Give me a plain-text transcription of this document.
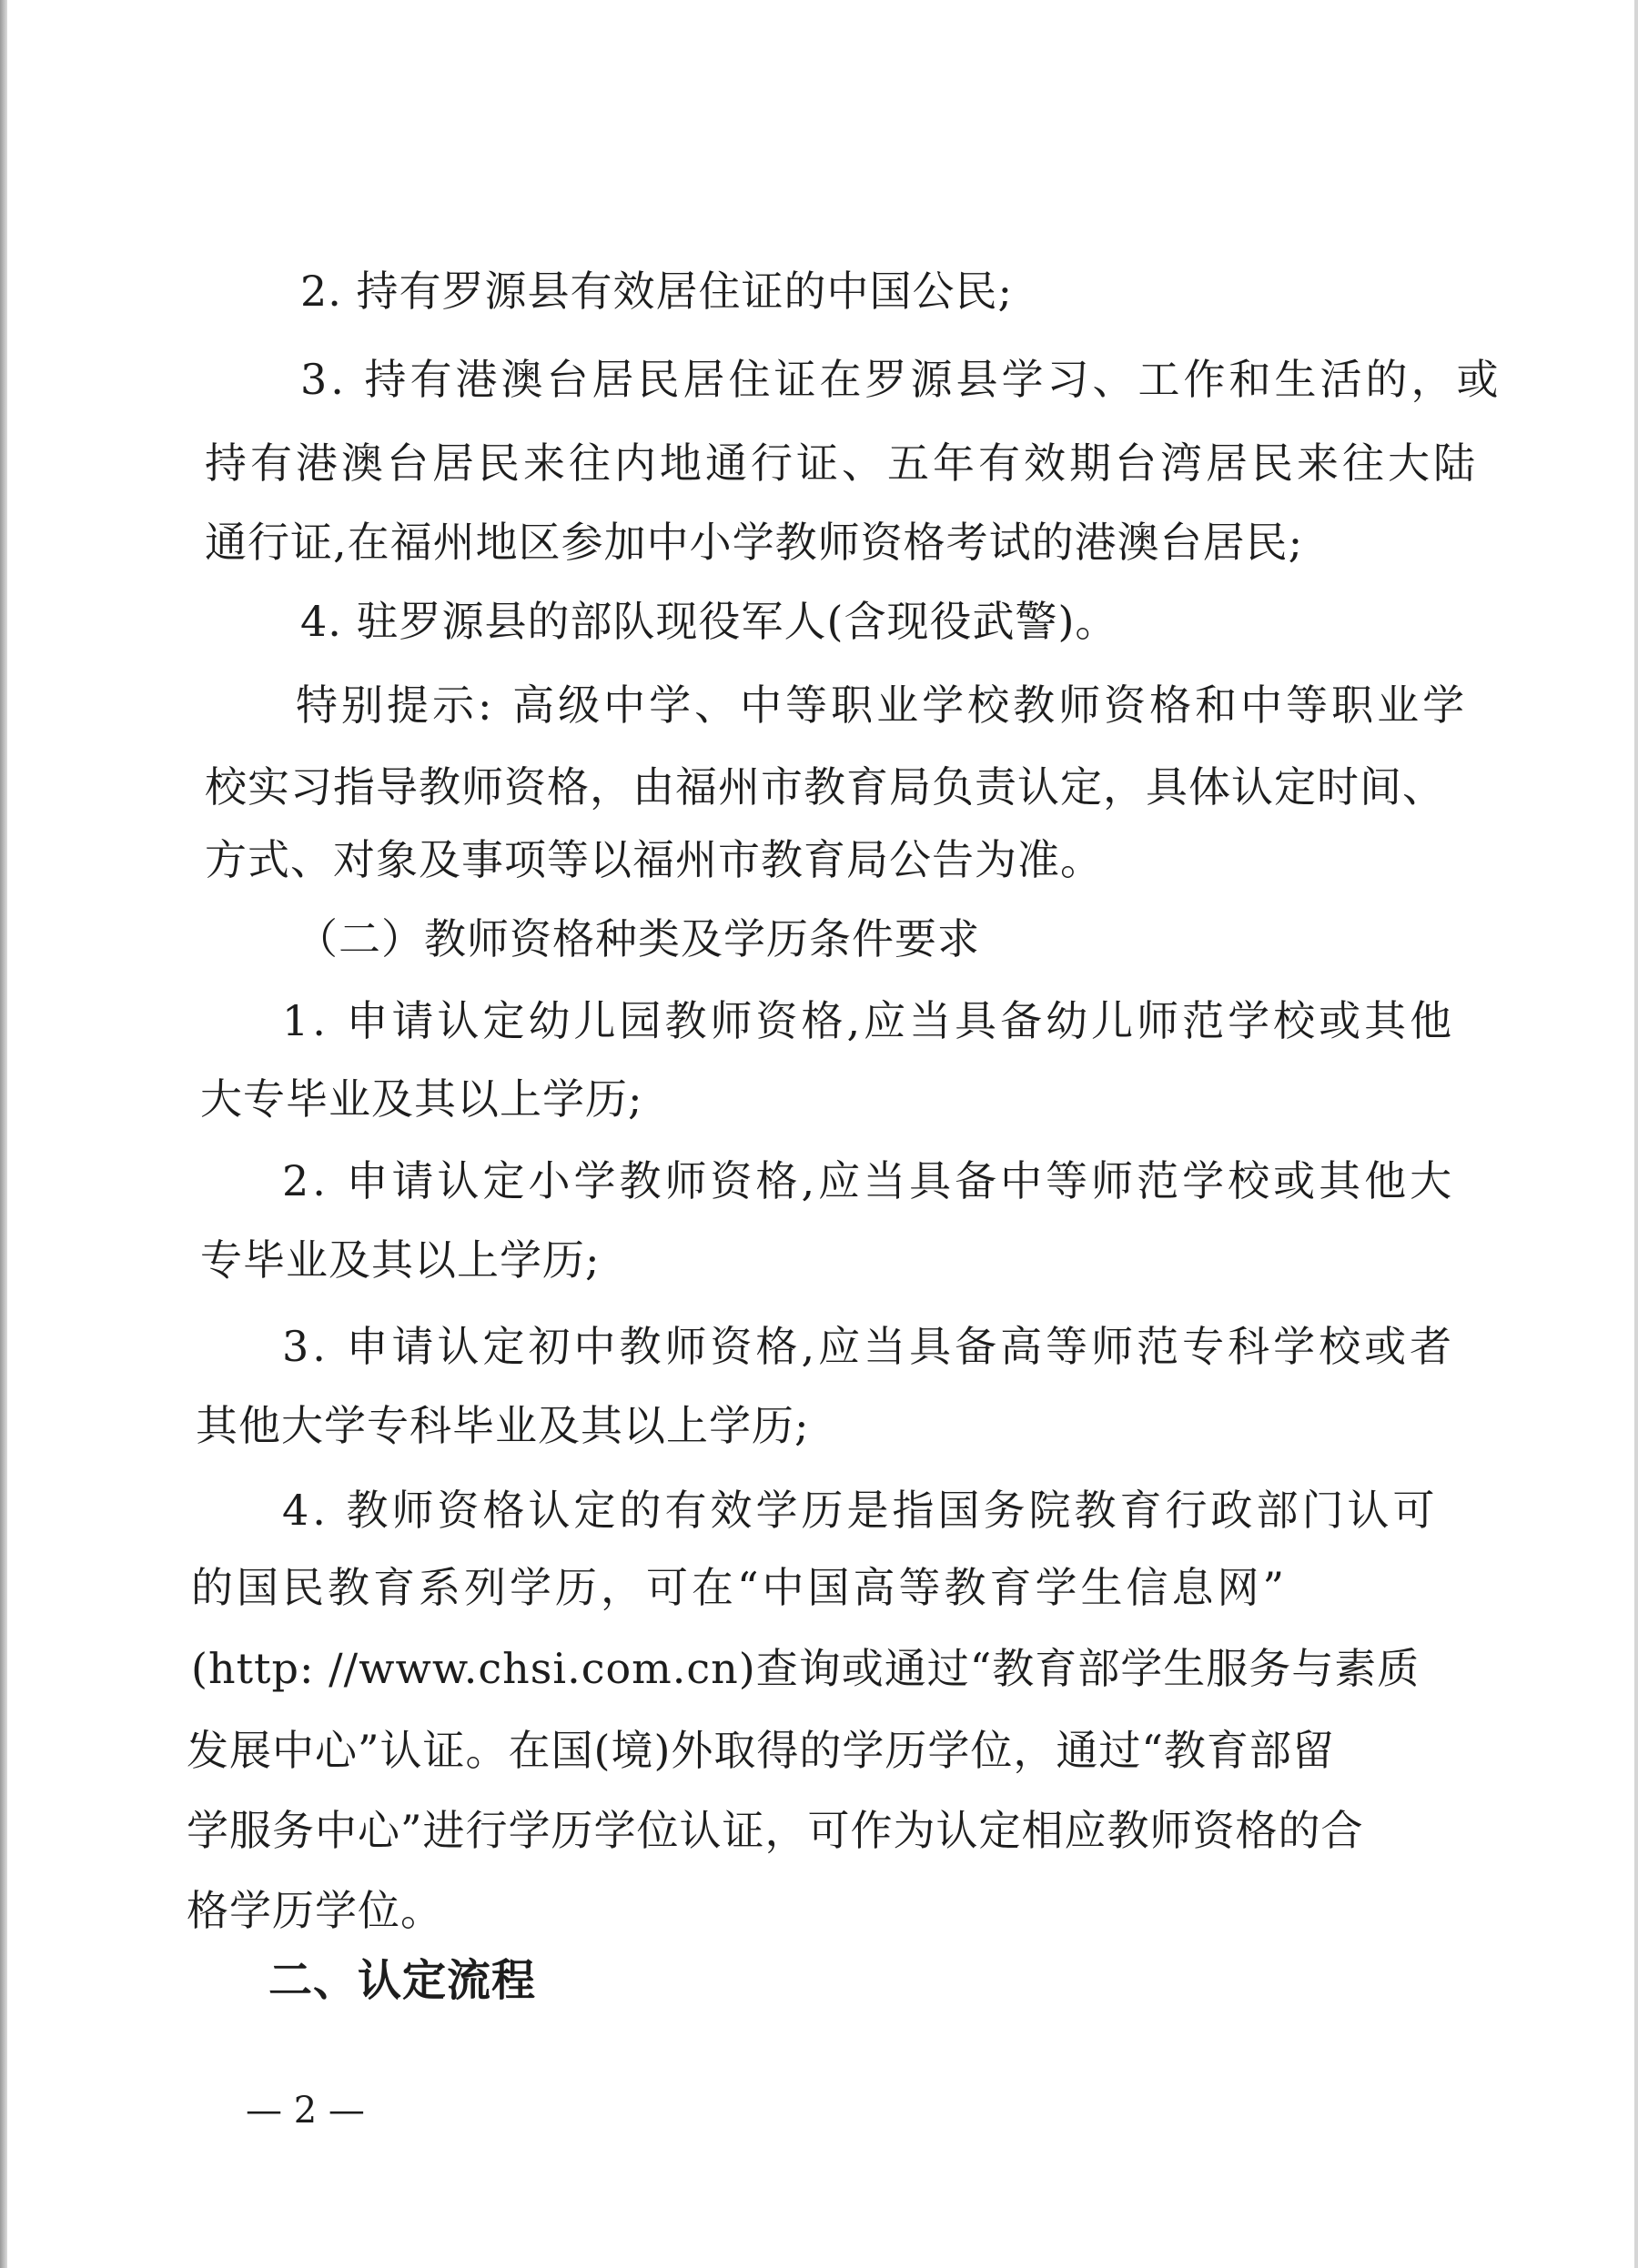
2. 持有罗源县有效居住证的中国公民;
3. 持有港澳台居民居住证在罗源县学习、工作和生活的，或
持有港澳台居民来往内地通行证、五年有效期台湾居民来往大陆
通行证,在福州地区参加中小学教师资格考试的港澳台居民;
4. 驻罗源县的部队现役军人(含现役武警)。
特别提示: 高级中学、中等职业学校教师资格和中等职业学
校实习指导教师资格，由福州市教育局负责认定，具体认定时间、
方式、对象及事项等以福州市教育局公告为准。
（二）教师资格种类及学历条件要求
1. 申请认定幼儿园教师资格,应当具备幼儿师范学校或其他
大专毕业及其以上学历;
2. 申请认定小学教师资格,应当具备中等师范学校或其他大
专毕业及其以上学历;
3. 申请认定初中教师资格,应当具备高等师范专科学校或者
其他大学专科毕业及其以上学历;
4. 教师资格认定的有效学历是指国务院教育行政部门认可
的国民教育系列学历，可在“中国高等教育学生信息网”
(http: //www.chsi.com.cn)查询或通过“教育部学生服务与素质
发展中心”认证。在国(境)外取得的学历学位，通过“教育部留
学服务中心”进行学历学位认证，可作为认定相应教师资格的合
格学历学位。
二、认定流程
— 2 —
